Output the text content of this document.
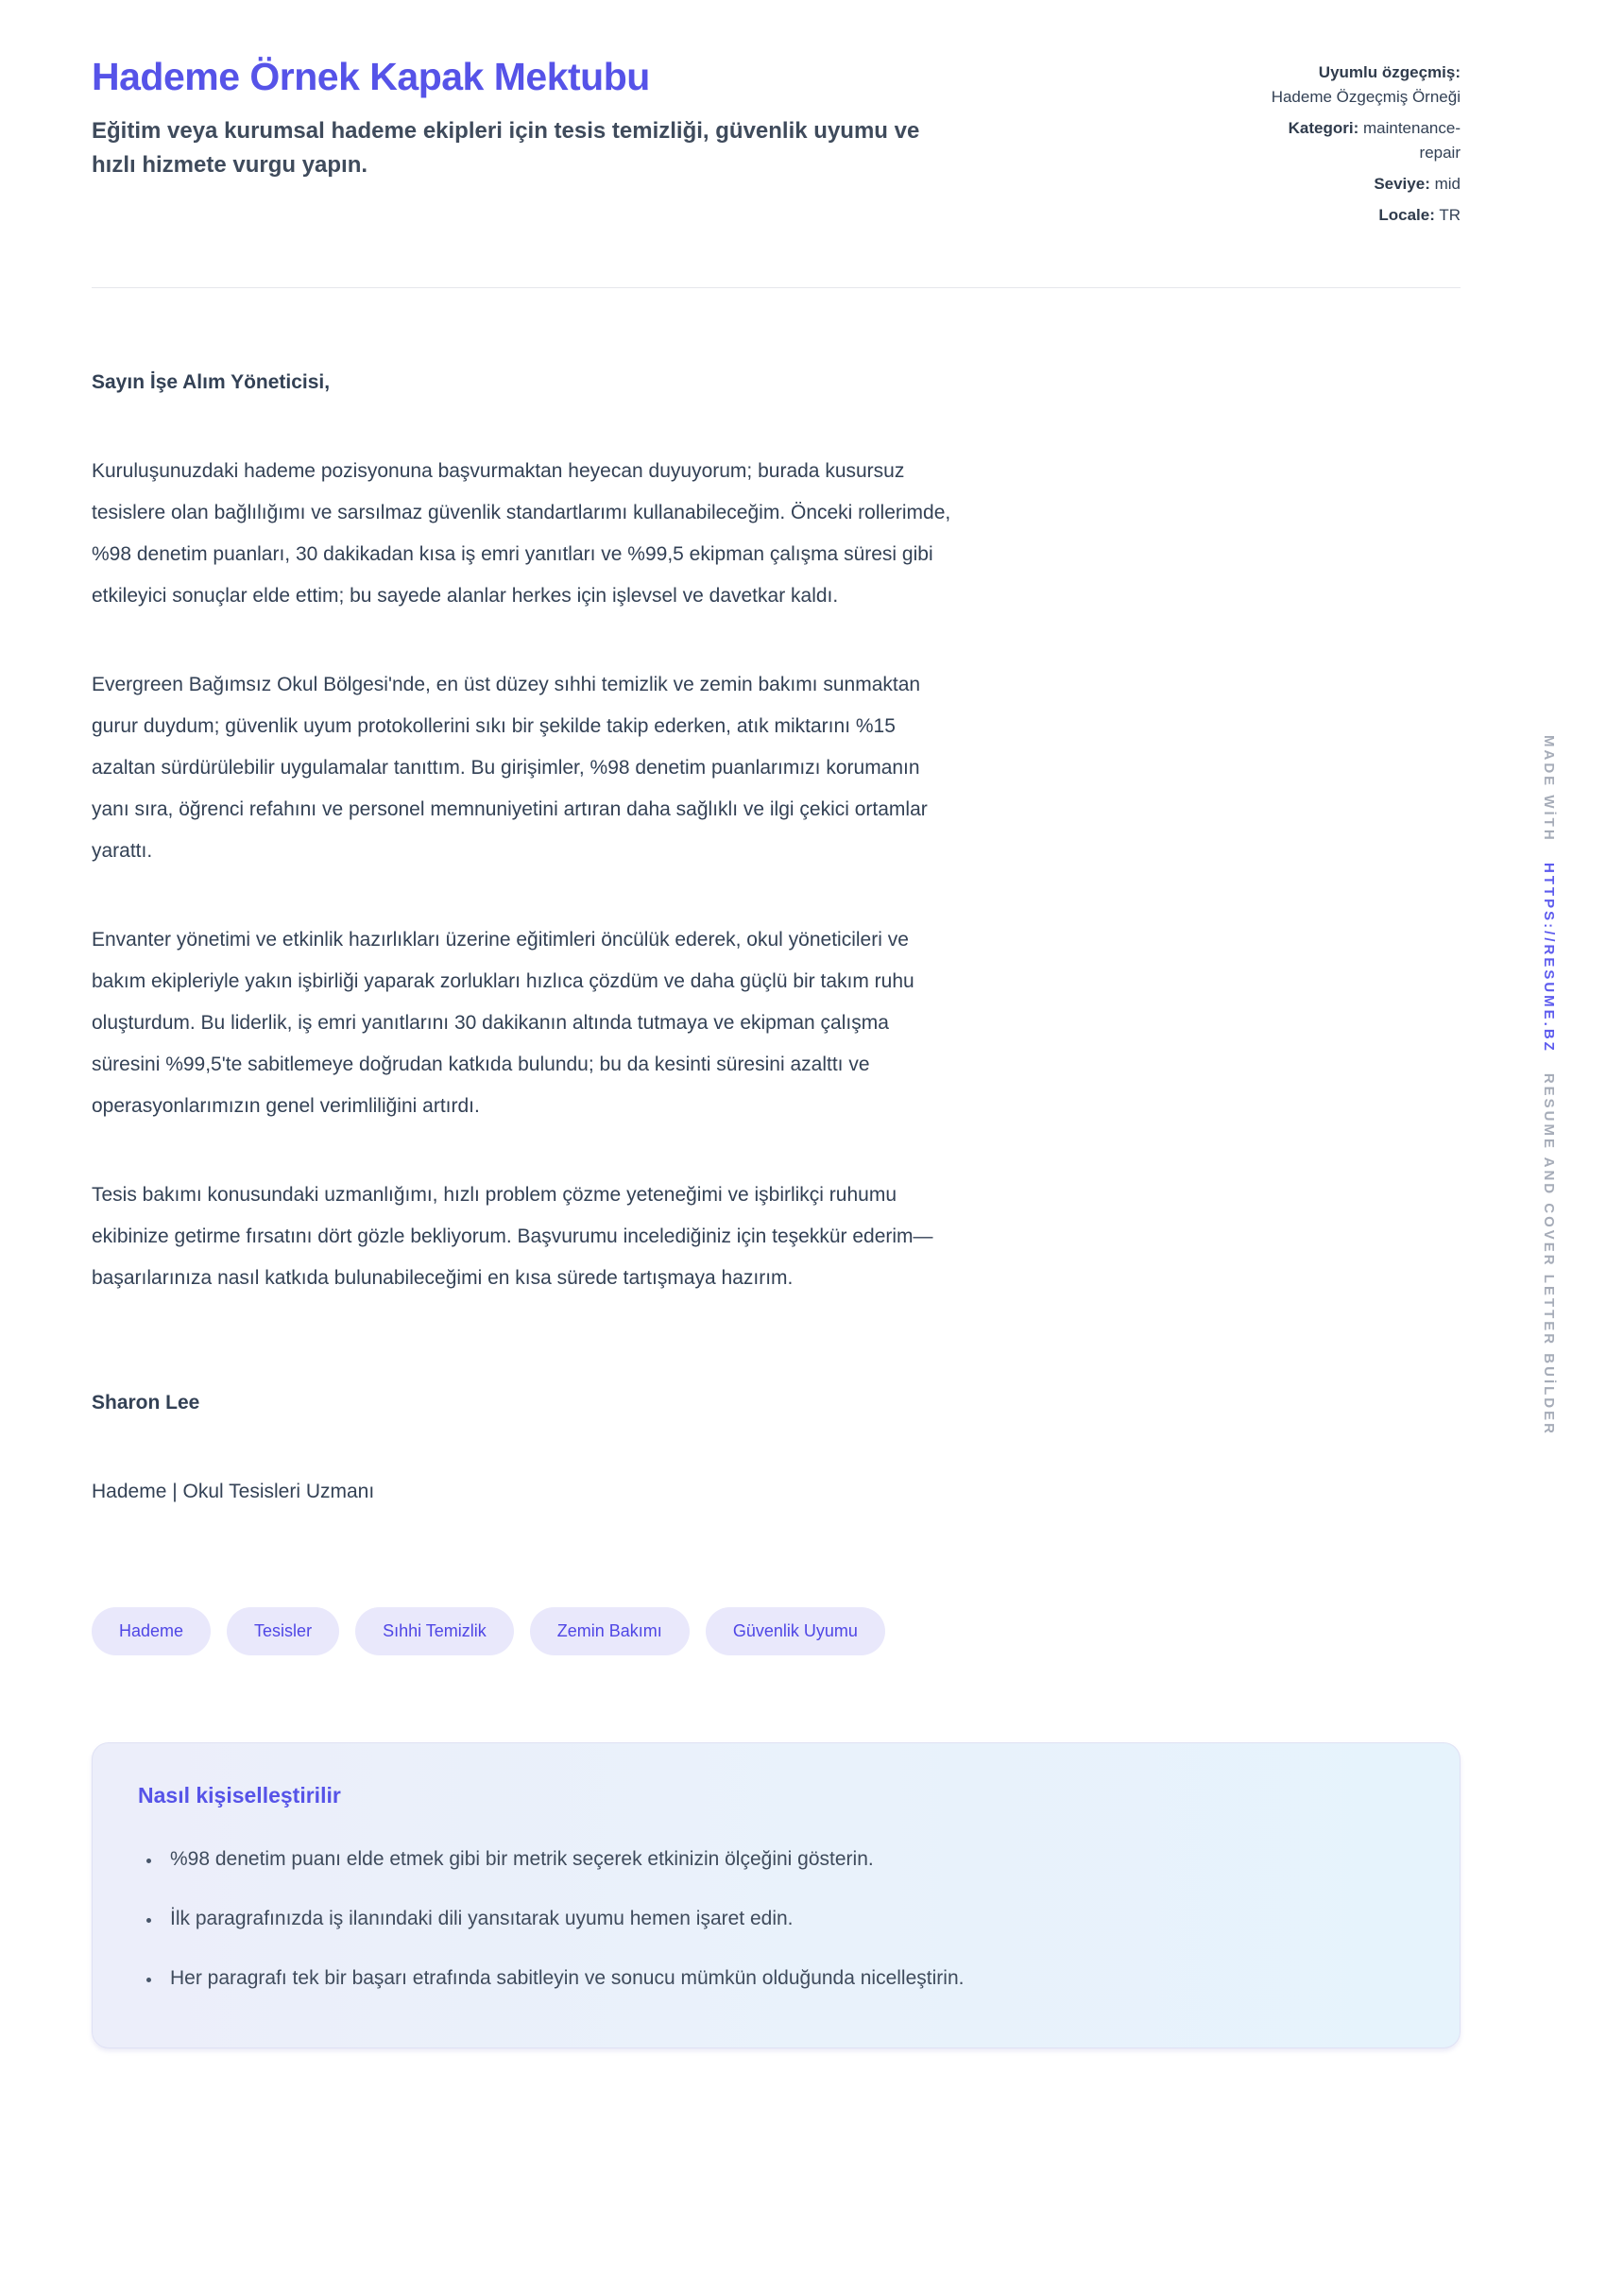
Hademe Örnek Kapak Mektubu

Eğitim veya kurumsal hademe ekipleri için tesis temizliği, güvenlik uyumu ve hızlı hizmete vurgu yapın.

Uyumlu özgeçmiş:
Hademe Özgeçmiş Örneği
Kategori: maintenance-repair
Seviye: mid
Locale: TR

Sayın İşe Alım Yöneticisi,

Kuruluşunuzdaki hademe pozisyonuna başvurmaktan heyecan duyuyorum; burada kusursuz tesislere olan bağlılığımı ve sarsılmaz güvenlik standartlarımı kullanabileceğim. Önceki rollerimde, %98 denetim puanları, 30 dakikadan kısa iş emri yanıtları ve %99,5 ekipman çalışma süresi gibi etkileyici sonuçlar elde ettim; bu sayede alanlar herkes için işlevsel ve davetkar kaldı.

Evergreen Bağımsız Okul Bölgesi'nde, en üst düzey sıhhi temizlik ve zemin bakımı sunmaktan gurur duydum; güvenlik uyum protokollerini sıkı bir şekilde takip ederken, atık miktarını %15 azaltan sürdürülebilir uygulamalar tanıttım. Bu girişimler, %98 denetim puanlarımızı korumanın yanı sıra, öğrenci refahını ve personel memnuniyetini artıran daha sağlıklı ve ilgi çekici ortamlar yarattı.

Envanter yönetimi ve etkinlik hazırlıkları üzerine eğitimleri öncülük ederek, okul yöneticileri ve bakım ekipleriyle yakın işbirliği yaparak zorlukları hızlıca çözdüm ve daha güçlü bir takım ruhu oluşturdum. Bu liderlik, iş emri yanıtlarını 30 dakikanın altında tutmaya ve ekipman çalışma süresini %99,5'te sabitlemeye doğrudan katkıda bulundu; bu da kesinti süresini azalttı ve operasyonlarımızın genel verimliliğini artırdı.

Tesis bakımı konusundaki uzmanlığımı, hızlı problem çözme yeteneğimi ve işbirlikçi ruhumu ekibinize getirme fırsatını dört gözle bekliyorum. Başvurumu incelediğiniz için teşekkür ederim—başarılarınıza nasıl katkıda bulunabileceğimi en kısa sürede tartışmaya hazırım.

Sharon Lee

Hademe | Okul Tesisleri Uzmanı

Hademe	Tesisler	Sıhhi Temizlik	Zemin Bakımı	Güvenlik Uyumu
Nasıl kişiselleştirilir
• %98 denetim puanı elde etmek gibi bir metrik seçerek etkinizin ölçeğini gösterin.
• İlk paragrafınızda iş ilanındaki dili yansıtarak uyumu hemen işaret edin.
• Her paragrafı tek bir başarı etrafında sabitleyin ve sonucu mümkün olduğunda nicelleştirin.
MADE WİTH HTTPS://RESUME.BZ RESUME AND COVER LETTER BUİLDER
